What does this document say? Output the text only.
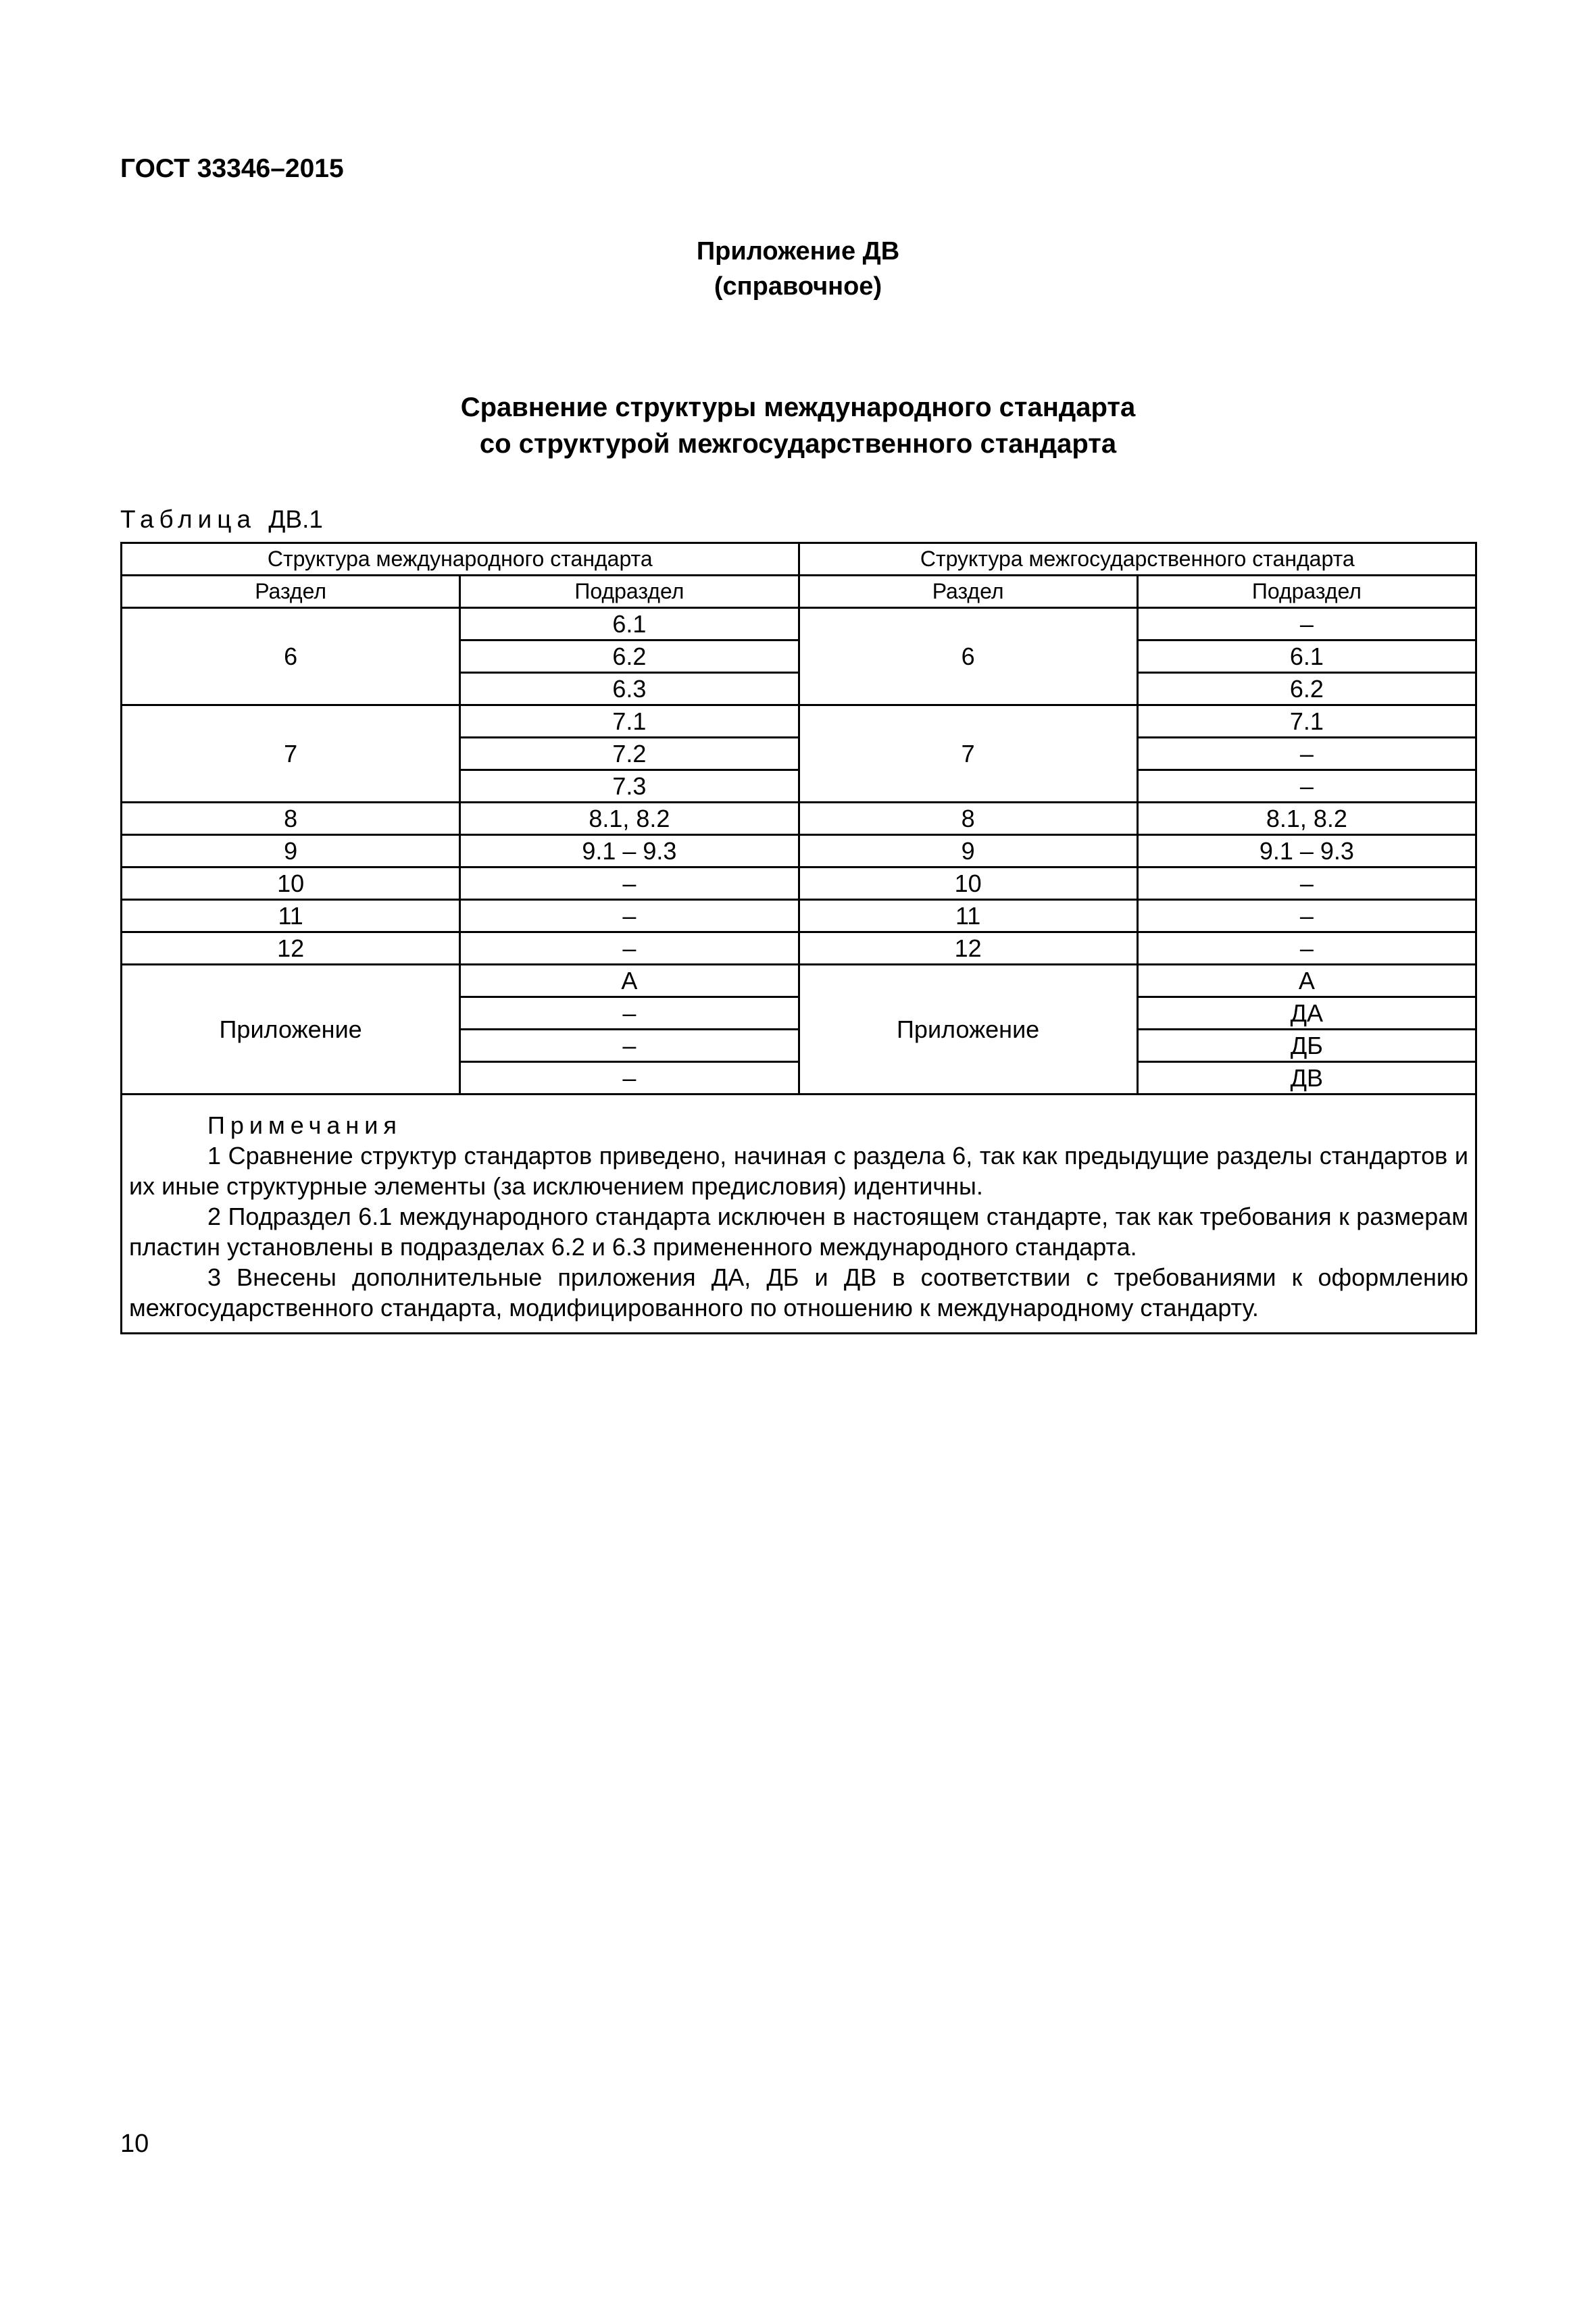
ГОСТ 33346–2015
Приложение ДВ
(справочное)
Сравнение структуры международного стандарта
со структурой межгосударственного стандарта
Таблица ДВ.1
Структура международного стандарта		Структура межгосударственного стандарта	
Раздел	Подраздел	Раздел	Подраздел
6	6.1	6	–
	6.2		6.1
	6.3		6.2
7	7.1	7	7.1
	7.2		–
	7.3		–
8	8.1, 8.2	8	8.1, 8.2
9	9.1 – 9.3	9	9.1 – 9.3
10	–	10	–
11	–	11	–
12	–	12	–
Приложение	А	Приложение	А
	–		ДА
	–		ДБ
	–		ДВ

Примечания
1 Сравнение структур стандартов приведено, начиная с раздела 6, так как предыдущие разделы стандартов и их иные структурные элементы (за исключением предисловия) идентичны.
2 Подраздел 6.1 международного стандарта исключен в настоящем стандарте, так как требования к размерам пластин установлены в подразделах 6.2 и 6.3 примененного международного стандарта.
3 Внесены дополнительные приложения ДА, ДБ и ДВ в соответствии с требованиями к оформлению межгосударственного стандарта, модифицированного по отношению к международному стандарту.			
10
